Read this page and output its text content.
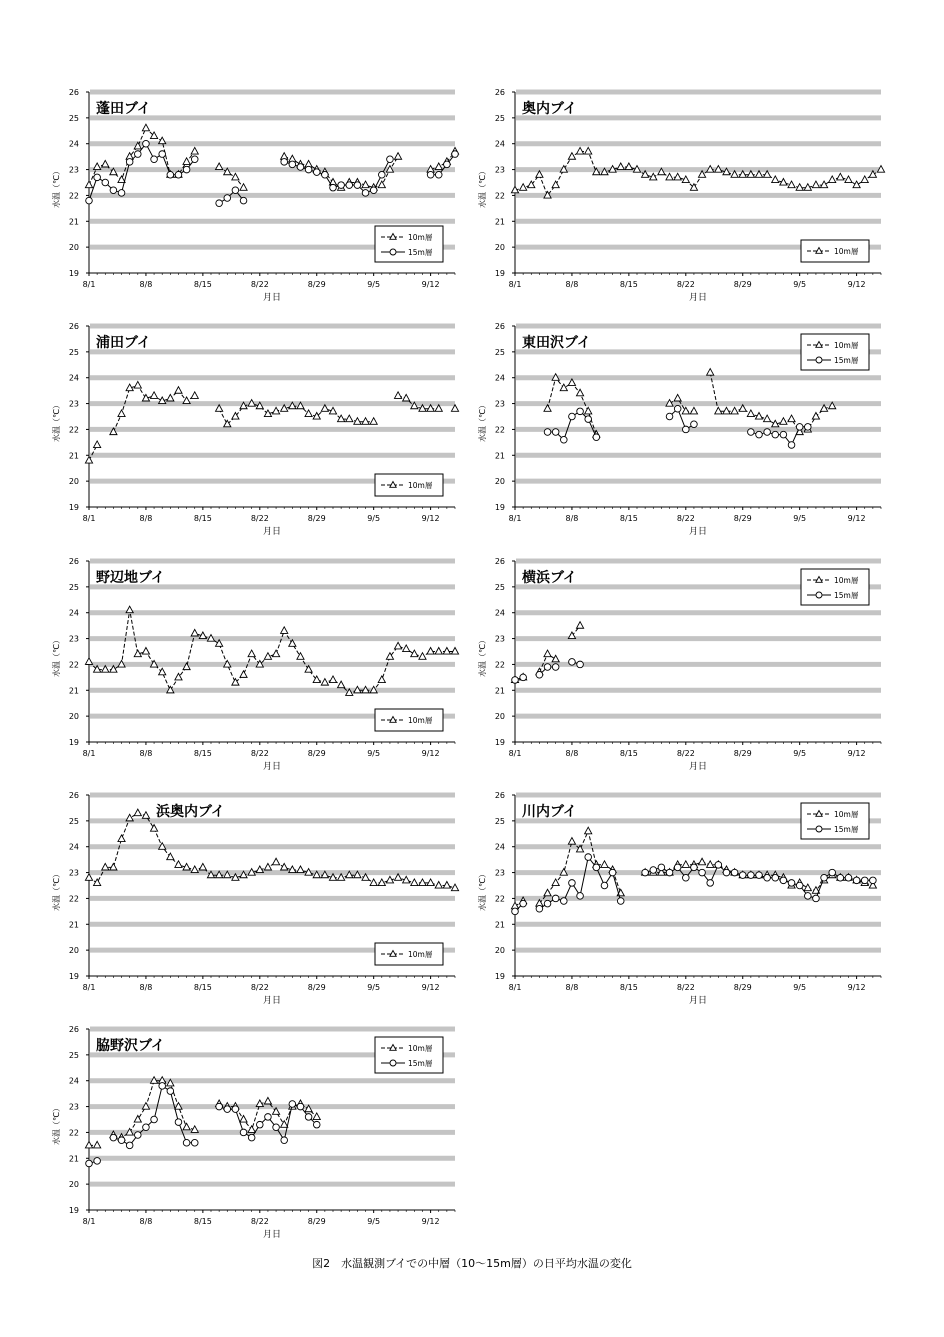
19
20
21
22
23
24
25
26
8/1	8/8	8/15	8/22	8/29	9/5	9/12
月日
水温（℃）
蓬田ブイ
10m層
15m層
19
20
21
22
23
24
25
26
8/1	8/8	8/15	8/22	8/29	9/5	9/12
月日
水温（℃）
奥内ブイ
10m層
19
20
21
22
23
24
25
26
8/1	8/8	8/15	8/22	8/29	9/5	9/12
月日
水温（℃）
浦田ブイ
10m層
19
20
21
22
23
24
25
26
8/1	8/8	8/15	8/22	8/29	9/5	9/12
月日
水温（℃）
東田沢ブイ	10m層
15m層
19
20
21
22
23
24
25
26
8/1	8/8	8/15	8/22	8/29	9/5	9/12
月日
水温（℃）
野辺地ブイ
10m層
19
20
21
22
23
24
25
26
8/1	8/8	8/15	8/22	8/29	9/5	9/12
月日
水温（℃）
横浜ブイ	10m層
15m層
19
20
21
22
23
24
25
26
8/1	8/8	8/15	8/22	8/29	9/5	9/12
月日
水温（℃）
浜奥内ブイ
10m層
19
20
21
22
23
24
25
26
8/1	8/8	8/15	8/22	8/29	9/5	9/12
月日
水温（℃）
川内ブイ	10m層
15m層
19
20
21
22
23
24
25
26
8/1	8/8	8/15	8/22	8/29	9/5	9/12
月日
水温（℃）
脇野沢ブイ	10m層
15m層
図2　水温観測ブイでの中層（10〜15m層）の日平均水温の変化
